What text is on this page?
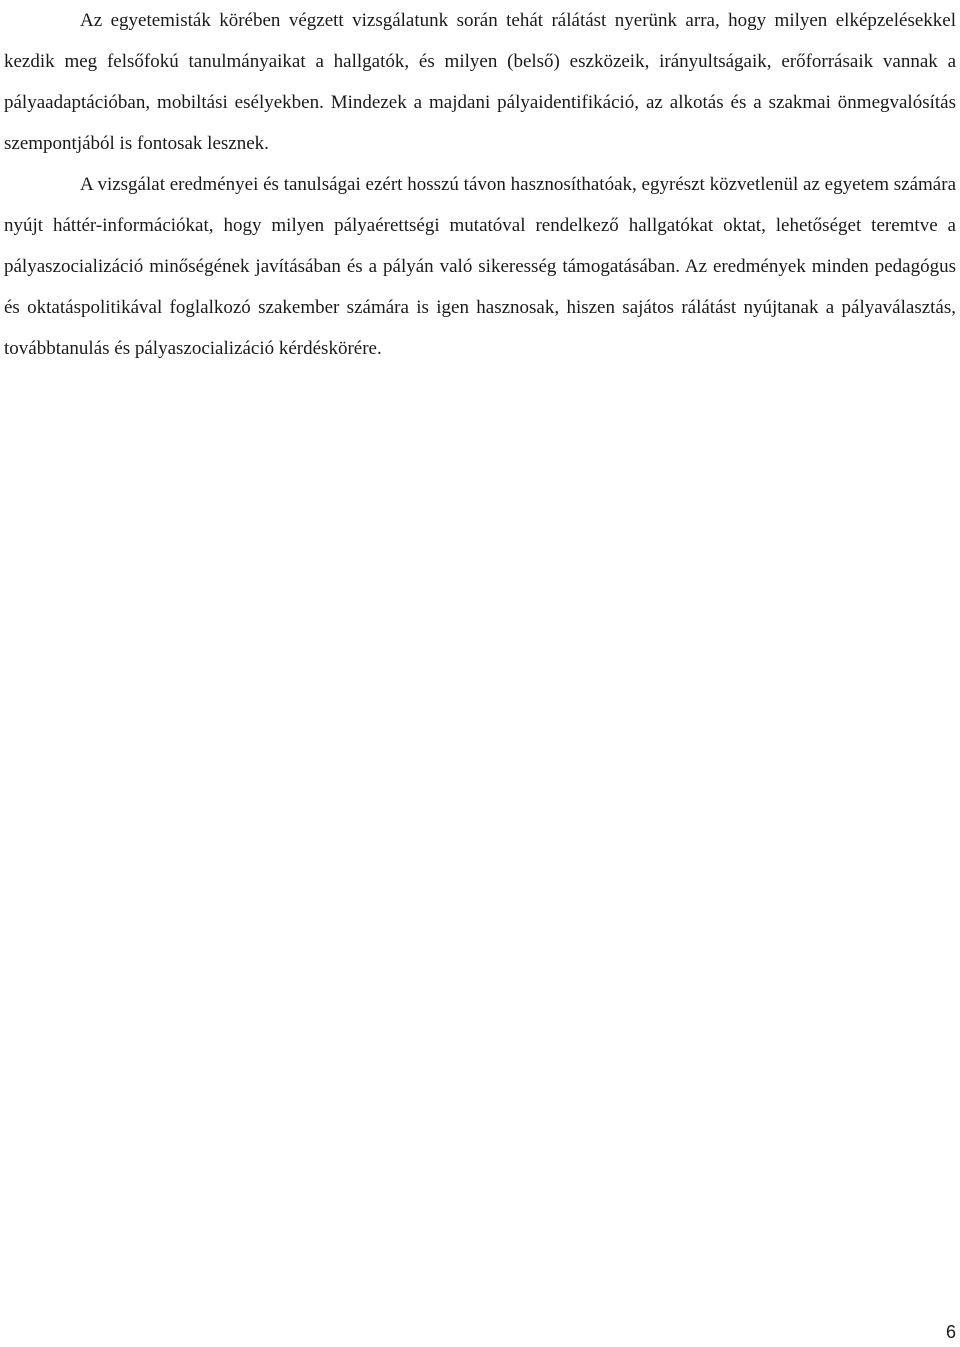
Az egyetemisták körében végzett vizsgálatunk során tehát rálátást nyerünk arra, hogy milyen elképzelésekkel kezdik meg felsőfokú tanulmányaikat a hallgatók, és milyen (belső) eszközeik, irányultságaik, erőforrásaik vannak a pályaadaptációban, mobiltási esélyekben. Mindezek a majdani pályaidentifikáció, az alkotás és a szakmai önmegvalósítás szempontjából is fontosak lesznek.

A vizsgálat eredményei és tanulságai ezért hosszú távon hasznosíthatóak, egyrészt közvetlenül az egyetem számára nyújt háttér-információkat, hogy milyen pályaérettségi mutatóval rendelkező hallgatókat oktat, lehetőséget teremtve a pályaszocializáció minőségének javításában és a pályán való sikeresség támogatásában. Az eredmények minden pedagógus és oktatáspolitikával foglalkozó szakember számára is igen hasznosak, hiszen sajátos rálátást nyújtanak a pályaválasztás, továbbtanulás és pályaszocializáció kérdéskörére.

6
